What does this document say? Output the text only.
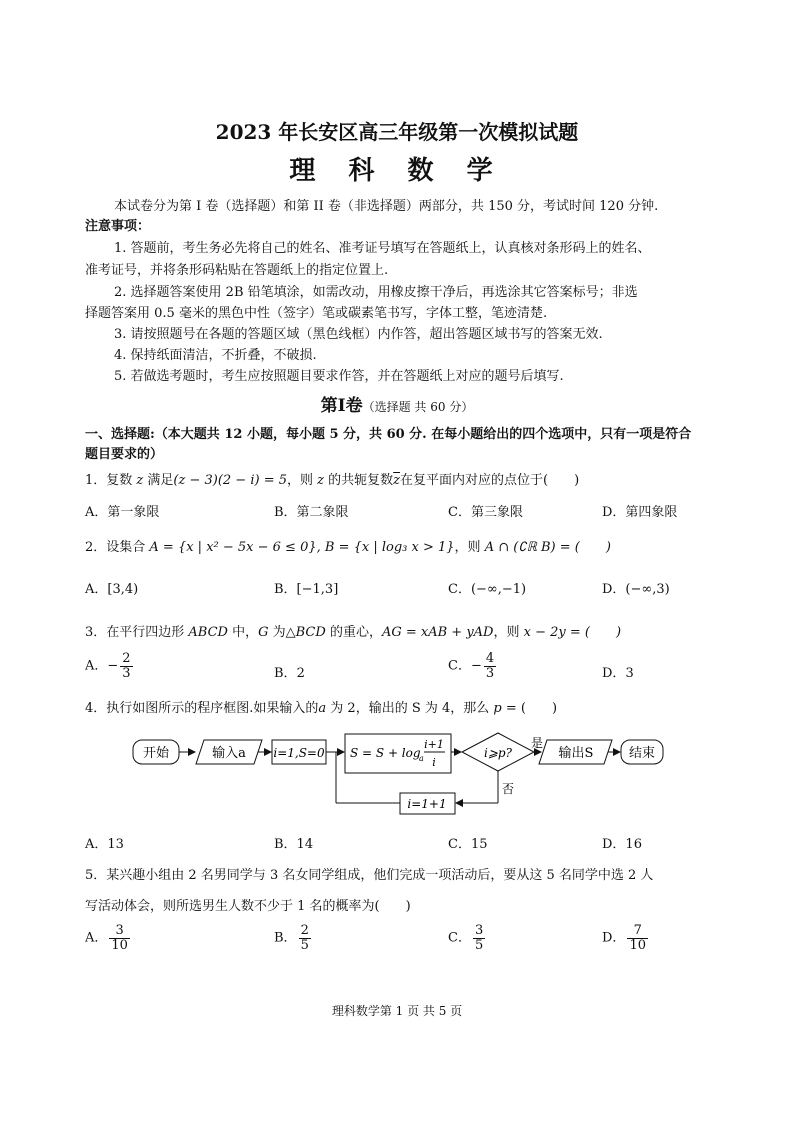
2023 年长安区高三年级第一次模拟试题
理 科 数 学
本试卷分为第 I 卷（选择题）和第 II 卷（非选择题）两部分，共 150 分，考试时间 120 分钟.
注意事项：
1. 答题前，考生务必先将自己的姓名、准考证号填写在答题纸上，认真核对条形码上的姓名、
准考证号，并将条形码粘贴在答题纸上的指定位置上.
2. 选择题答案使用 2B 铅笔填涂，如需改动，用橡皮擦干净后，再选涂其它答案标号；非选
择题答案用 0.5 毫米的黑色中性（签字）笔或碳素笔书写，字体工整，笔迹清楚.
3. 请按照题号在各题的答题区域（黑色线框）内作答，超出答题区域书写的答案无效.
4. 保持纸面清洁，不折叠，不破损.
5. 若做选考题时，考生应按照题目要求作答，并在答题纸上对应的题号后填写.
第Ⅰ卷（选择题 共 60 分）
一、选择题:（本大题共 12 小题，每小题 5 分，共 60 分. 在每小题给出的四个选项中，只有一项是符合
题目要求的）
1．复数 z 满足(z − 3)(2 − i) = 5，则 z 的共轭复数$\overline{z}$在复平面内对应的点位于(　　)
A．第一象限	B．第二象限	C．第三象限	D．第四象限
2．设集合 A = {x | x² − 5x − 6 ≤ 0}, B = {x | log₃ x > 1}，则 A ∩ (∁ℝ B) = (　　)
A．[3,4)	B．[−1,3]	C．(−∞,−1)	D．(−∞,3)
3．在平行四边形 ABCD 中，G 为△BCD 的重心，AG = xAB + yAD，则 x − 2y = (　　)
A．− $\frac{2}{3}$	B．2	C．− $\frac{4}{3}$	D．3
4．执行如图所示的程序框图.如果输入的a 为 2，输出的 S 为 4，那么 p = (　　)
开始	输入a i=1,S=0 S = S + log
a
i+1
i
i⩾p?
是
输出S	结束
否
i=1+1
A．13	B．14	C．15	D．16
5．某兴趣小组由 2 名男同学与 3 名女同学组成，他们完成一项活动后，要从这 5 名同学中选 2 人
写活动体会，则所选男生人数不少于 1 名的概率为(　　)
A． $\frac{3}{10}$	B． $\frac{2}{5}$	C． $\frac{3}{5}$	D． $\frac{7}{10}$
理科数学第 1 页 共 5 页
